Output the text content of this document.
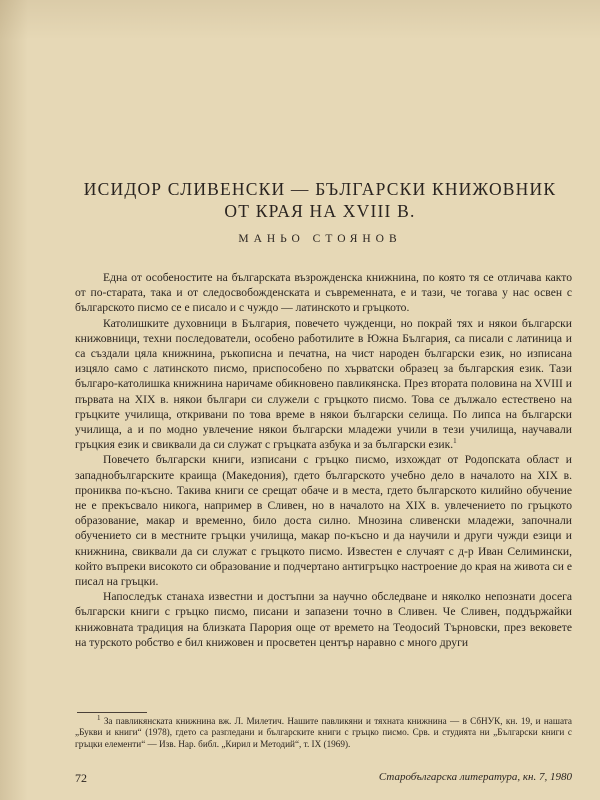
ИСИДОР СЛИВЕНСКИ — БЪЛГАРСКИ КНИЖОВНИК
ОТ КРАЯ НА XVIII В.
МАНЬО СТОЯНОВ

Една от особеностите на българската възрожденска книжнина, по която тя се отличава както от по-старата, така и от следосвобожденската и съвременната, е и тази, че тогава у нас освен с българското писмо се е писало и с чуждо — латинското и гръцкото.

Католишките духовници в България, повечето чужденци, но покрай тях и някои български книжовници, техни последователи, особено работилите в Южна България, са писали с латиница и са създали цяла книжнина, ръкописна и печатна, на чист народен български език, но изписана изцяло само с латинското писмо, приспособено по хърватски образец за българския език. Тази българо-католишка книжнина наричаме обикновено павликянска. През втората половина на XVIII и първата на XIX в. някои българи си служели с гръцкото писмо. Това се дължало естествено на гръцките училища, откривани по това време в някои български селища. По липса на български училища, а и по модно увлечение някои български младежи учили в тези училища, научавали гръцкия език и свиквали да си служат с гръцката азбука и за български език.$^1$

Повечето български книги, изписани с гръцко писмо, изхождат от Родопската област и западнобългарските краища (Македония), гдето българското учебно дело в началото на XIX в. прониква по-късно. Такива книги се срещат обаче и в места, гдето българското килийно обучение не е прекъсвало никога, например в Сливен, но в началото на XIX в. увлечението по гръцкото образование, макар и временно, било доста силно. Мнозина сливенски младежи, започнали обучението си в местните гръцки училища, макар по-късно и да научили и други чужди езици и книжнина, свиквали да си служат с гръцкото писмо. Известен е случаят с д-р Иван Селимински, който въпреки високото си образование и подчертано антигръцко настроение до края на живота си е писал на гръцки.

Напоследък станаха известни и достъпни за научно обследване и няколко непознати досега български книги с гръцко писмо, писани и запазени точно в Сливен. Че Сливен, поддържайки книжовната традиция на близката Парория още от времето на Теодосий Търновски, през вековете на турското робство е бил книжовен и просветен център наравно с много други

$^1$ За павликянската книжнина вж. Л. Милетич. Нашите павликяни и тяхната книжнина — в СбНУК, кн. 19, и нашата „Букви и книги“ (1978), гдето са разгледани и българските книги с гръцко писмо. Срв. и студията ни „Български книги с гръцки елементи“ — Изв. Нар. библ. „Кирил и Методий“, т. IX (1969).

72	Старобългарска литература, кн. 7, 1980
